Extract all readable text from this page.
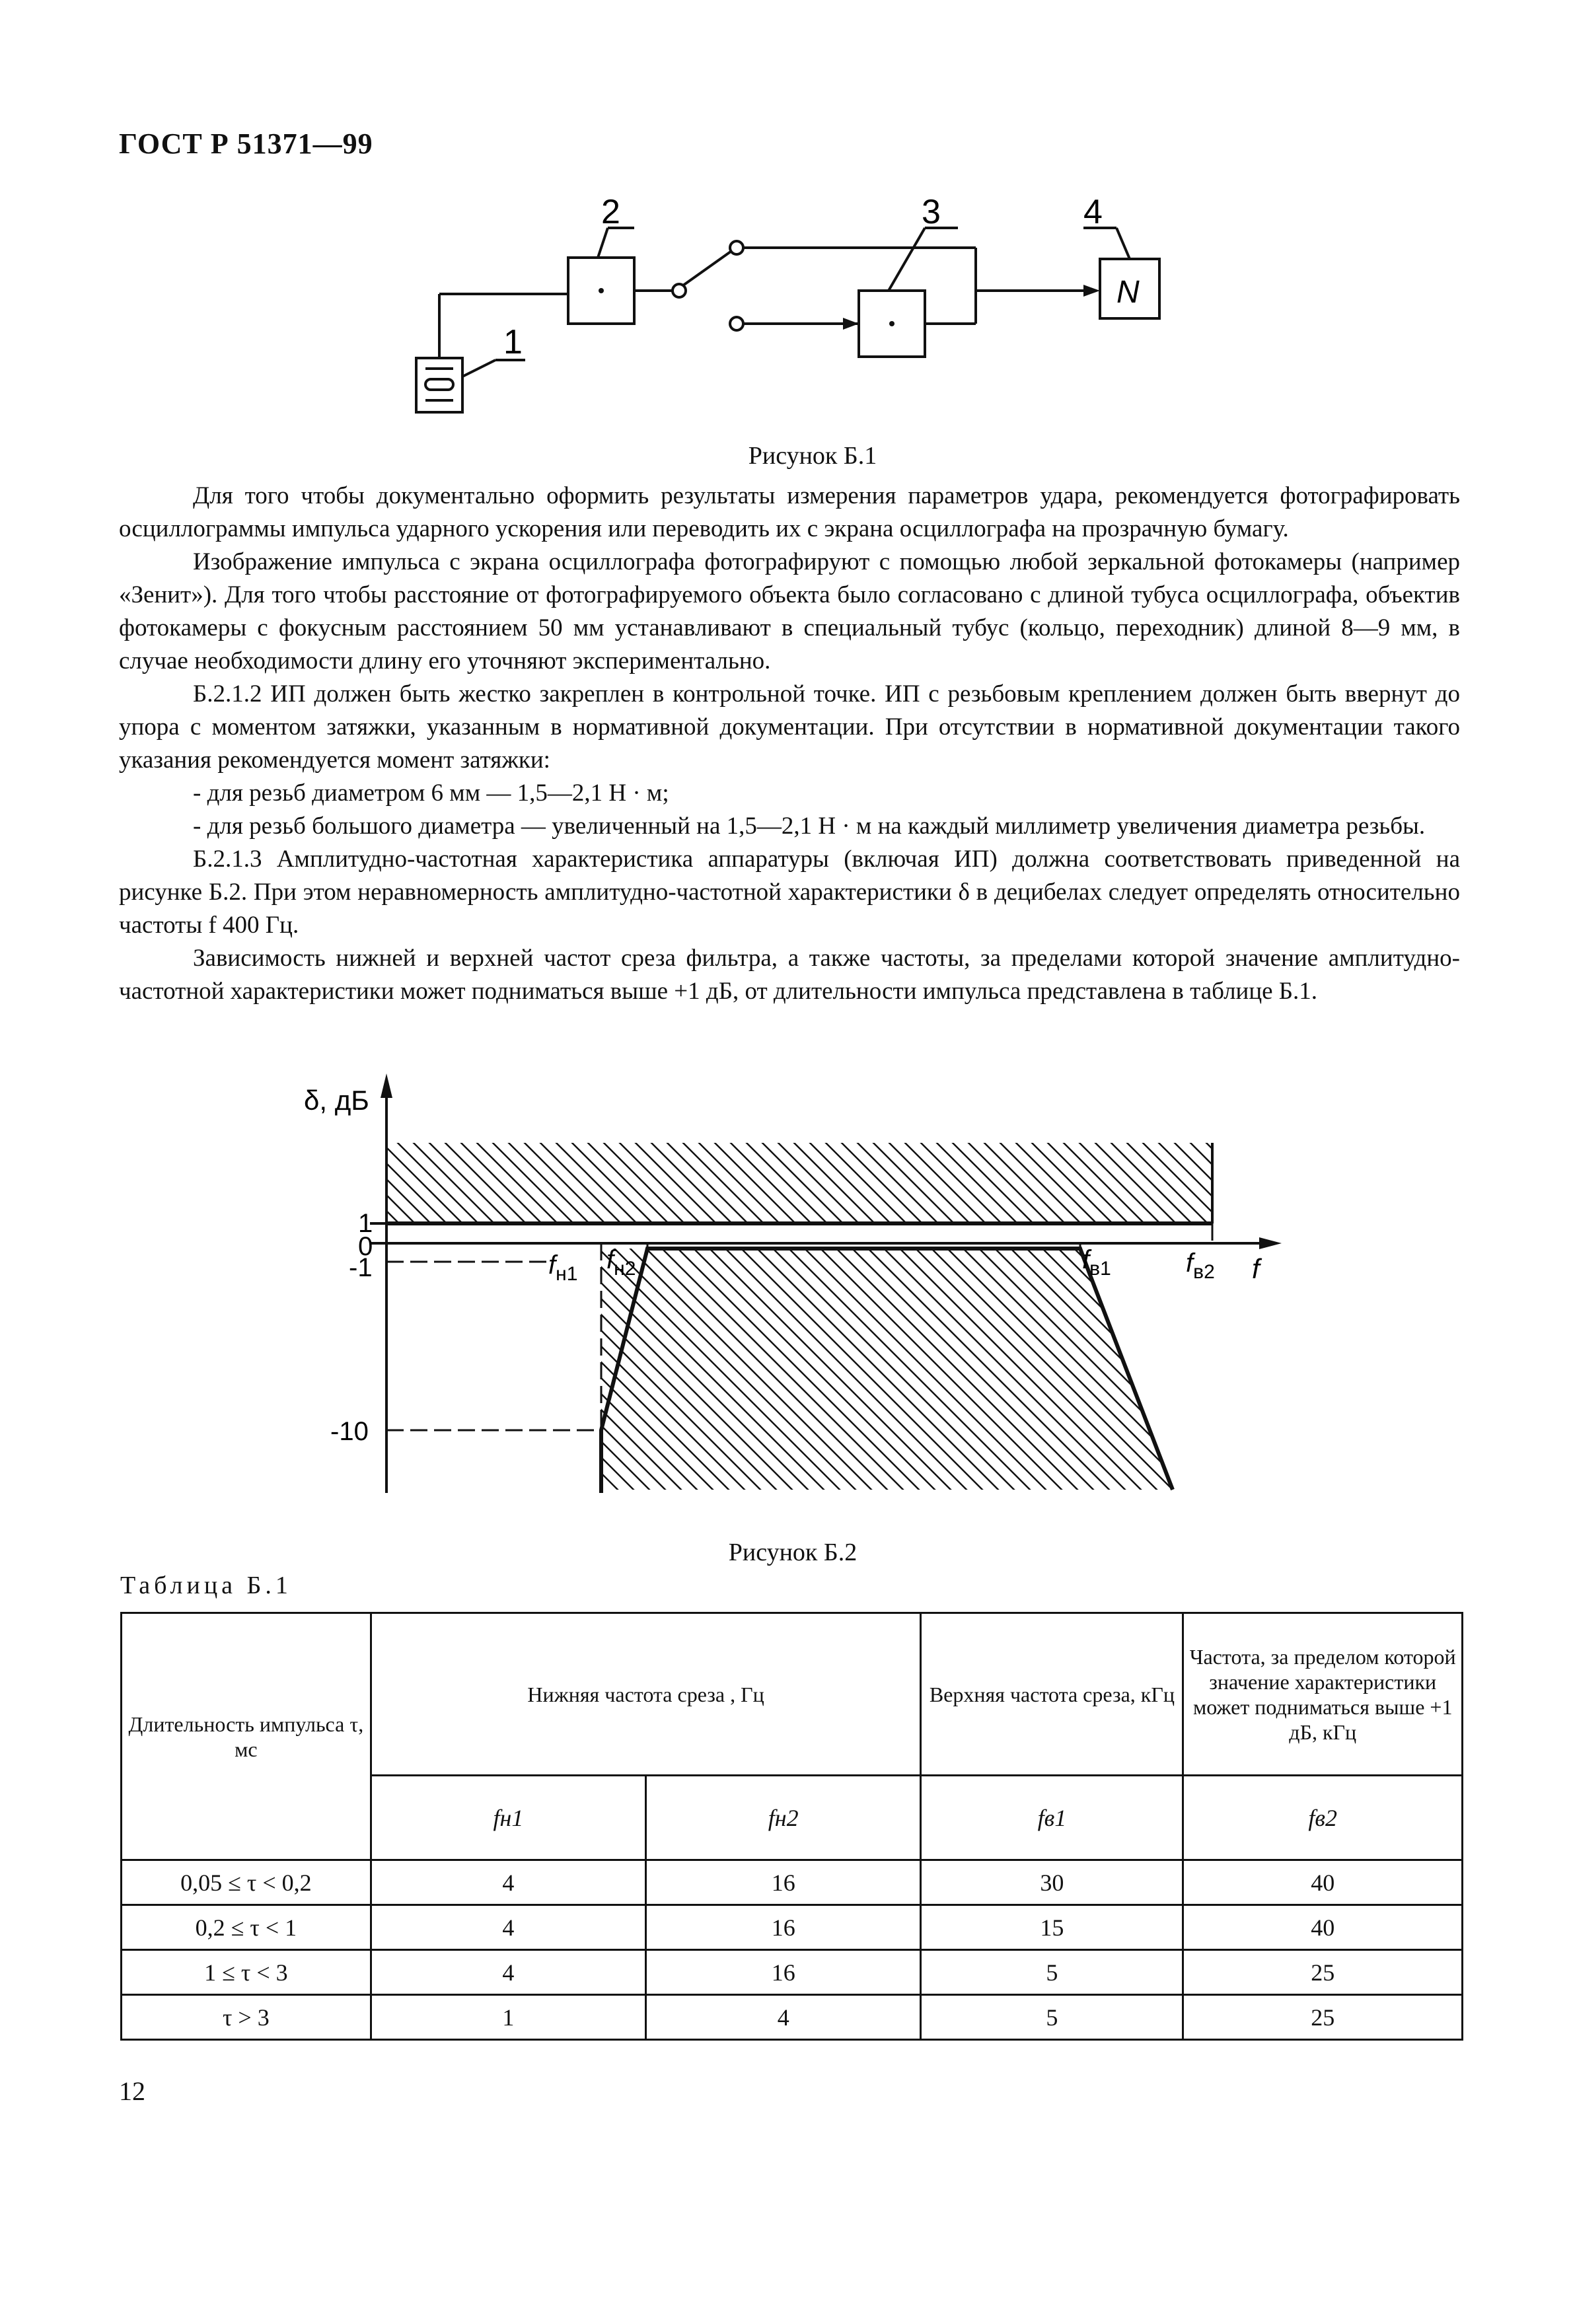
ГОСТ Р 51371—99
1
2	3	4
N
Рисунок Б.1

Для того чтобы документально оформить результаты измерения параметров удара, рекомендуется фотографировать осциллограммы импульса ударного ускорения или переводить их с экрана осциллографа на прозрачную бумагу.

Изображение импульса с экрана осциллографа фотографируют с помощью любой зеркальной фотокамеры (например «Зенит»). Для того чтобы расстояние от фотографируемого объекта было согласовано с длиной тубуса осциллографа, объектив фотокамеры с фокусным расстоянием 50 мм устанавливают в специальный тубус (кольцо, переходник) длиной 8—9 мм, в случае необходимости длину его уточняют экспериментально.

Б.2.1.2 ИП должен быть жестко закреплен в контрольной точке. ИП с резьбовым креплением должен быть ввернут до упора с моментом затяжки, указанным в нормативной документации. При отсутствии в нормативной документации такого указания рекомендуется момент затяжки:

- для резьб диаметром 6 мм — 1,5—2,1 Н · м;

- для резьб большого диаметра — увеличенный на 1,5—2,1 Н · м на каждый миллиметр увеличения диаметра резьбы.

Б.2.1.3 Амплитудно-частотная характеристика аппаратуры (включая ИП) должна соответствовать приведенной на рисунке Б.2. При этом неравномерность амплитудно-частотной характеристики δ в децибелах следует определять относительно частоты f 400 Гц.

Зависимость нижней и верхней частот среза фильтра, а также частоты, за пределами которой значение амплитудно-частотной характеристики может подниматься выше +1 дБ, от длительности импульса представлена в таблице Б.1.

δ, дБ
f
1
0
-1
-10
$f_{н1}$ $f_{н2}$	$f_{в1}$	$f_{в2}$
Рисунок Б.2
Таблица Б.1
Длительность импульса τ, мс	Нижняя частота среза , Гц		Верхняя частота среза, кГц	Частота, за пределом которой значение характеристики может подниматься выше +1 дБ, кГц
	fн1	fн2	fв1	fв2
0,05 ≤ τ < 0,2	4	16	30	40
0,2 ≤ τ < 1	4	16	15	40
1 ≤ τ < 3	4	16	5	25
τ > 3	1	4	5	25
12
